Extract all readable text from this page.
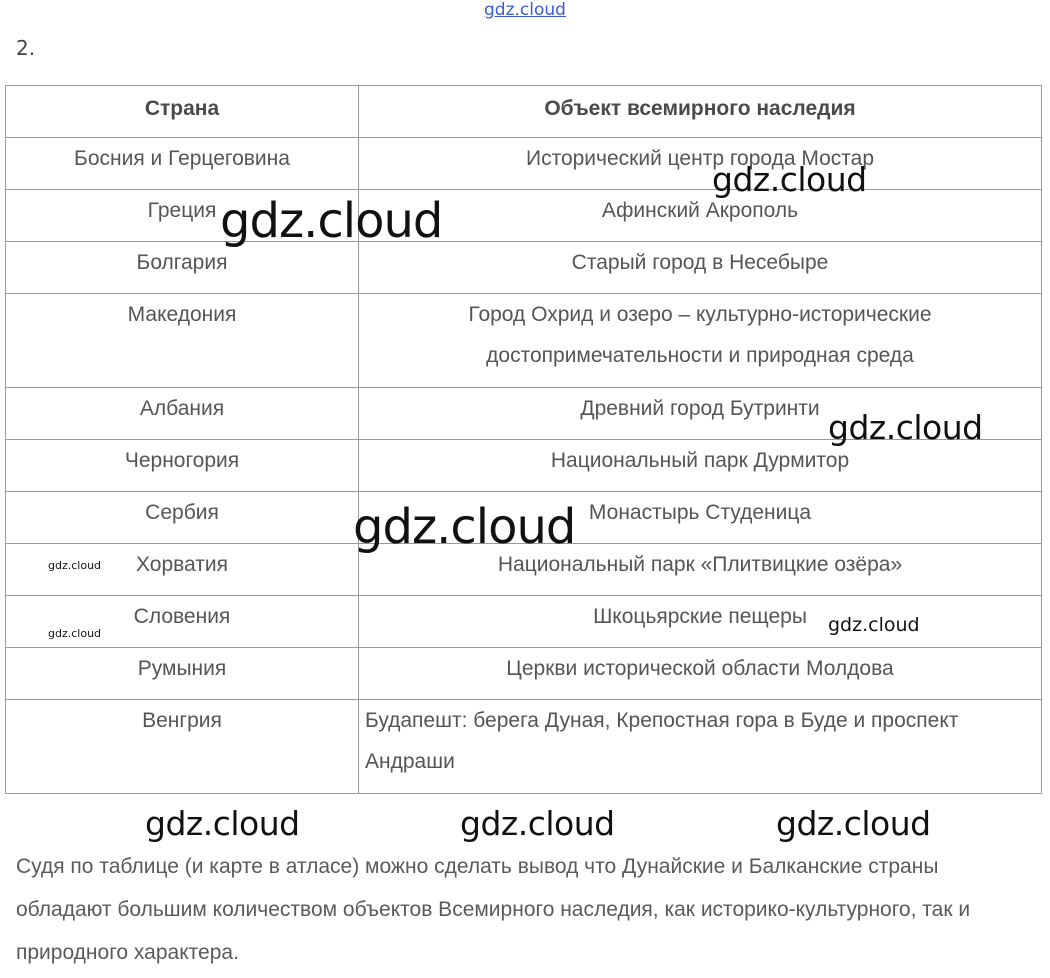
gdz.cloud
2.
Страна	Объект всемирного наследия
Босния и Герцеговина	Исторический центр города Мостар
Греция	Афинский Акрополь
Болгария	Старый город в Несебыре
Македония	Город Охрид и озеро – культурно-исторические достопримечательности и природная среда
Албания	Древний город Бутринти
Черногория	Национальный парк Дурмитор
Сербия	Монастырь Студеница
Хорватия	Национальный парк «Плитвицкие озёра»
Словения	Шкоцьярские пещеры
Румыния	Церкви исторической области Молдова
Венгрия	Будапешт: берега Дуная, Крепостная гора в Буде и проспект Андраши
gdz.cloud
gdz.cloud
gdz.cloud
gdz.cloud
gdz.cloud
gdz.cloud
gdz.cloud
gdz.cloud	gdz.cloud	gdz.cloud
Судя по таблице (и карте в атласе) можно сделать вывод что Дунайские и Балканские страны обладают большим количеством объектов Всемирного наследия, как историко-культурного, так и природного характера.
